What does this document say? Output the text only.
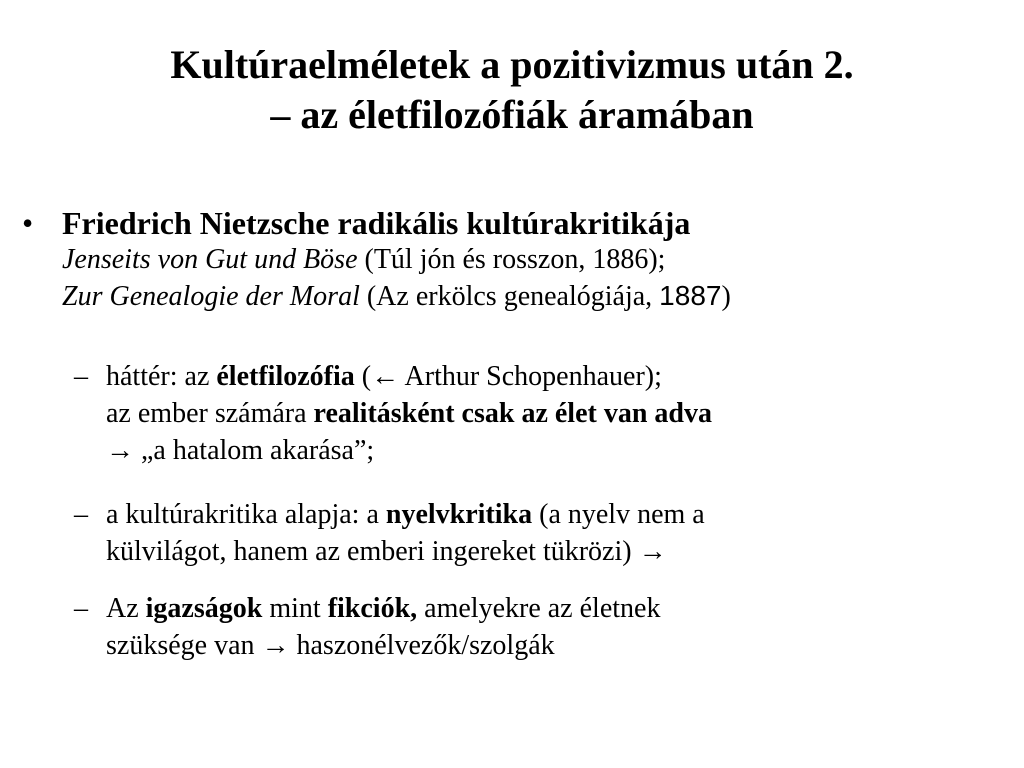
Kultúraelméletek a pozitivizmus után 2.
– az életfilozófiák áramában
• Friedrich Nietzsche radikális kultúrakritikája
Jenseits von Gut und Böse (Túl jón és rosszon, 1886);
Zur Genealogie der Moral (Az erkölcs genealógiája, 1887)
– háttér: az életfilozófia (← Arthur Schopenhauer);
az ember számára realitásként csak az élet van adva
→ „a hatalom akarása”;
– a kultúrakritika alapja: a nyelvkritika (a nyelv nem a
külvilágot, hanem az emberi ingereket tükrözi) →
– Az igazságok mint fikciók, amelyekre az életnek
szüksége van → haszonélvezők/szolgák
